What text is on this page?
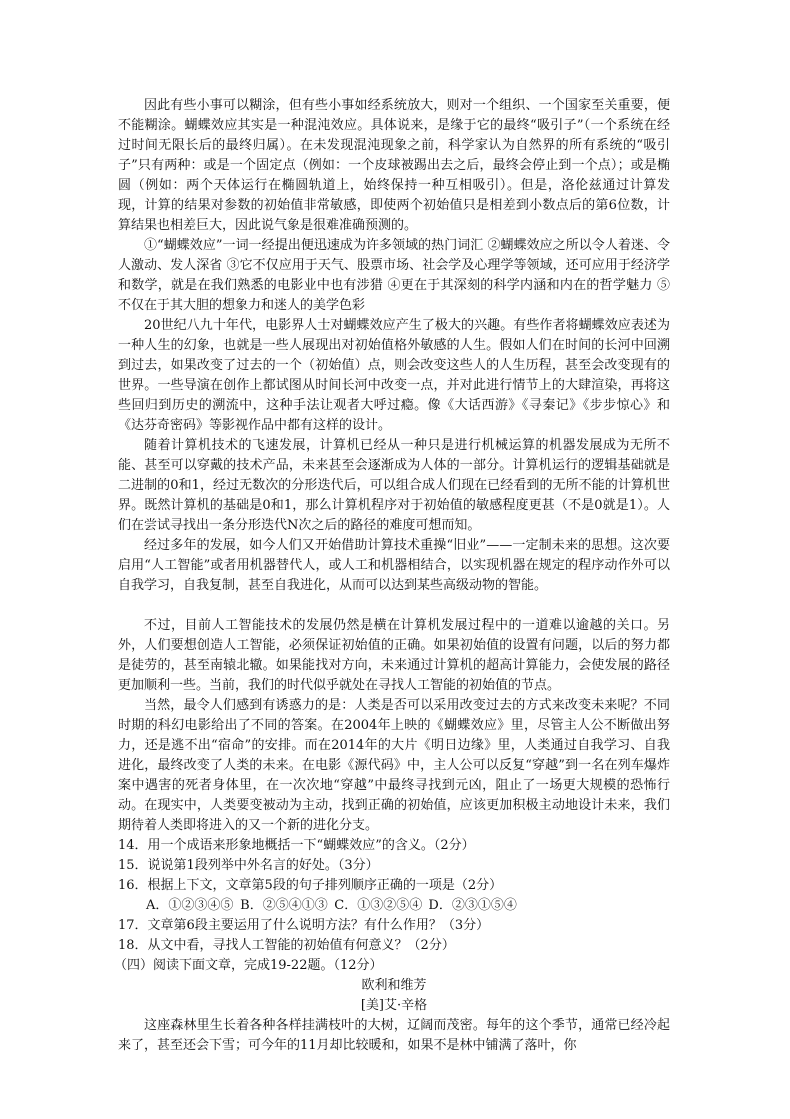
因此有些小事可以糊涂，但有些小事如经系统放大，则对一个组织、一个国家至关重要，便不能糊涂。蝴蝶效应其实是一种混沌效应。具体说来，是缘于它的最终“吸引子”（一个系统在经过时间无限长后的最终归属）。在未发现混沌现象之前，科学家认为自然界的所有系统的“吸引子”只有两种：或是一个固定点（例如：一个皮球被踢出去之后，最终会停止到一个点）；或是椭圆（例如：两个天体运行在椭圆轨道上，始终保持一种互相吸引）。但是，洛伦兹通过计算发现，计算的结果对参数的初始值非常敏感，即使两个初始值只是相差到小数点后的第6位数，计算结果也相差巨大，因此说气象是很难准确预测的。

①“蝴蝶效应”一词一经提出便迅速成为许多领域的热门词汇 ②蝴蝶效应之所以令人着迷、令人激动、发人深省 ③它不仅应用于天气、股票市场、社会学及心理学等领域，还可应用于经济学和数学，就是在我们熟悉的电影业中也有涉猎 ④更在于其深刻的科学内涵和内在的哲学魅力 ⑤不仅在于其大胆的想象力和迷人的美学色彩

20世纪八九十年代，电影界人士对蝴蝶效应产生了极大的兴趣。有些作者将蝴蝶效应表述为一种人生的幻象，也就是一些人展现出对初始值格外敏感的人生。假如人们在时间的长河中回溯到过去，如果改变了过去的一个（初始值）点，则会改变这些人的人生历程，甚至会改变现有的世界。一些导演在创作上都试图从时间长河中改变一点，并对此进行情节上的大肆渲染，再将这些回归到历史的溯流中，这种手法让观者大呼过瘾。像《大话西游》《寻秦记》《步步惊心》和《达芬奇密码》等影视作品中都有这样的设计。

随着计算机技术的飞速发展，计算机已经从一种只是进行机械运算的机器发展成为无所不能、甚至可以穿戴的技术产品，未来甚至会逐渐成为人体的一部分。计算机运行的逻辑基础就是二进制的0和1，经过无数次的分形迭代后，可以组合成人们现在已经看到的无所不能的计算机世界。既然计算机的基础是0和1，那么计算机程序对于初始值的敏感程度更甚（不是0就是1）。人们在尝试寻找出一条分形迭代N次之后的路径的难度可想而知。

经过多年的发展，如今人们又开始借助计算技术重操“旧业”——一定制未来的思想。这次要启用“人工智能”或者用机器替代人，或人工和机器相结合，以实现机器在规定的程序动作外可以自我学习，自我复制，甚至自我进化，从而可以达到某些高级动物的智能。

不过，目前人工智能技术的发展仍然是横在计算机发展过程中的一道难以逾越的关口。另外，人们要想创造人工智能，必须保证初始值的正确。如果初始值的设置有问题，以后的努力都是徒劳的，甚至南辕北辙。如果能找对方向，未来通过计算机的超高计算能力，会使发展的路径更加顺利一些。当前，我们的时代似乎就处在寻找人工智能的初始值的节点。

当然，最令人们感到有诱惑力的是：人类是否可以采用改变过去的方式来改变未来呢？不同时期的科幻电影给出了不同的答案。在2004年上映的《蝴蝶效应》里，尽管主人公不断做出努力，还是逃不出“宿命”的安排。而在2014年的大片《明日边缘》里，人类通过自我学习、自我进化，最终改变了人类的未来。在电影《源代码》中，主人公可以反复“穿越”到一名在列车爆炸案中遇害的死者身体里，在一次次地“穿越”中最终寻找到元凶，阻止了一场更大规模的恐怖行动。在现实中，人类要变被动为主动，找到正确的初始值，应该更加积极主动地设计未来，我们期待着人类即将进入的又一个新的进化分支。

14．用一个成语来形象地概括一下“蝴蝶效应”的含义。（2分）
15．说说第1段列举中外名言的好处。（3分）
16．根据上下文，文章第5段的句子排列顺序正确的一项是（2分）
A．①②③④⑤ B．②⑤④①③ C．①③②⑤④ D．②③①⑤④
17．文章第6段主要运用了什么说明方法？有什么作用？（3分）
18．从文中看，寻找人工智能的初始值有何意义？（2分）
（四）阅读下面文章，完成19-22题。（12分）
欧利和维芳
[美]艾·辛格

这座森林里生长着各种各样挂满枝叶的大树，辽阔而茂密。每年的这个季节，通常已经冷起来了，甚至还会下雪；可今年的11月却比较暖和，如果不是林中铺满了落叶，你
